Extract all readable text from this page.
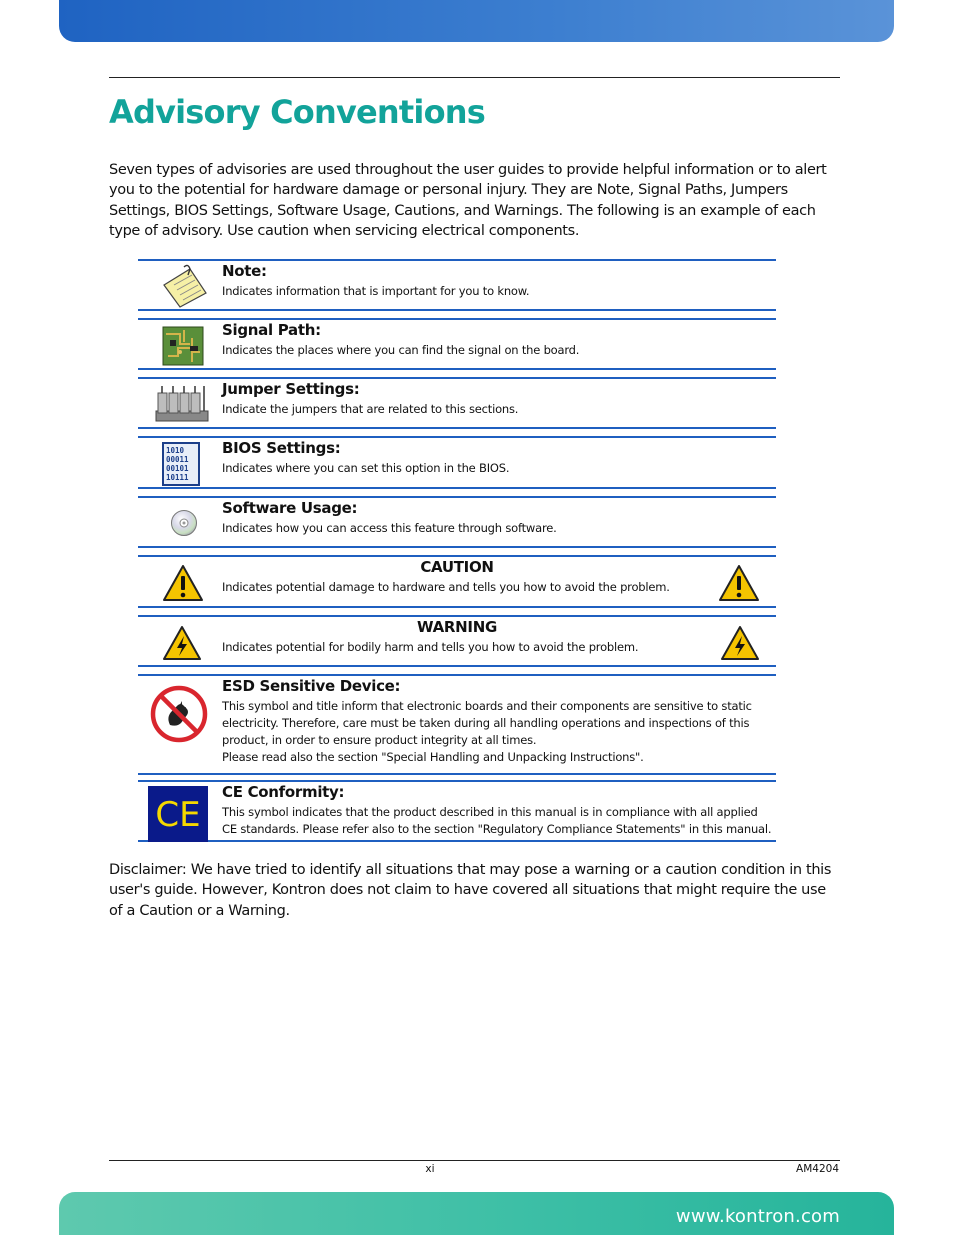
Advisory Conventions

Seven types of advisories are used throughout the user guides to provide helpful information or to alert you to the potential for hardware damage or personal injury. They are Note, Signal Paths, Jumpers Settings, BIOS Settings, Software Usage, Cautions, and Warnings. The following is an example of each type of advisory. Use caution when servicing electrical components.

Note:

Indicates information that is important for you to know.

Signal Path:

Indicates the places where you can find the signal on the board.

Jumper Settings:

Indicate the jumpers that are related to this sections.

1010
00011
00101
10111
BIOS Settings:

Indicates where you can set this option in the BIOS.

Software Usage:

Indicates how you can access this feature through software.

CAUTION

Indicates potential damage to hardware and tells you how to avoid the problem.

WARNING

Indicates potential for bodily harm and tells you how to avoid the problem.

ESD Sensitive Device:

This symbol and title inform that electronic boards and their components are sensitive to static electricity. Therefore, care must be taken during all handling operations and inspections of this product, in order to ensure product integrity at all times.
Please read also the section "Special Handling and Unpacking Instructions".

CE
CE Conformity:

This symbol indicates that the product described in this manual is in compliance with all applied CE standards. Please refer also to the section "Regulatory Compliance Statements" in this manual.

Disclaimer: We have tried to identify all situations that may pose a warning or a caution condition in this user's guide. However, Kontron does not claim to have covered all situations that might require the use of a Caution or a Warning.

xi	AM4204
www.kontron.com
